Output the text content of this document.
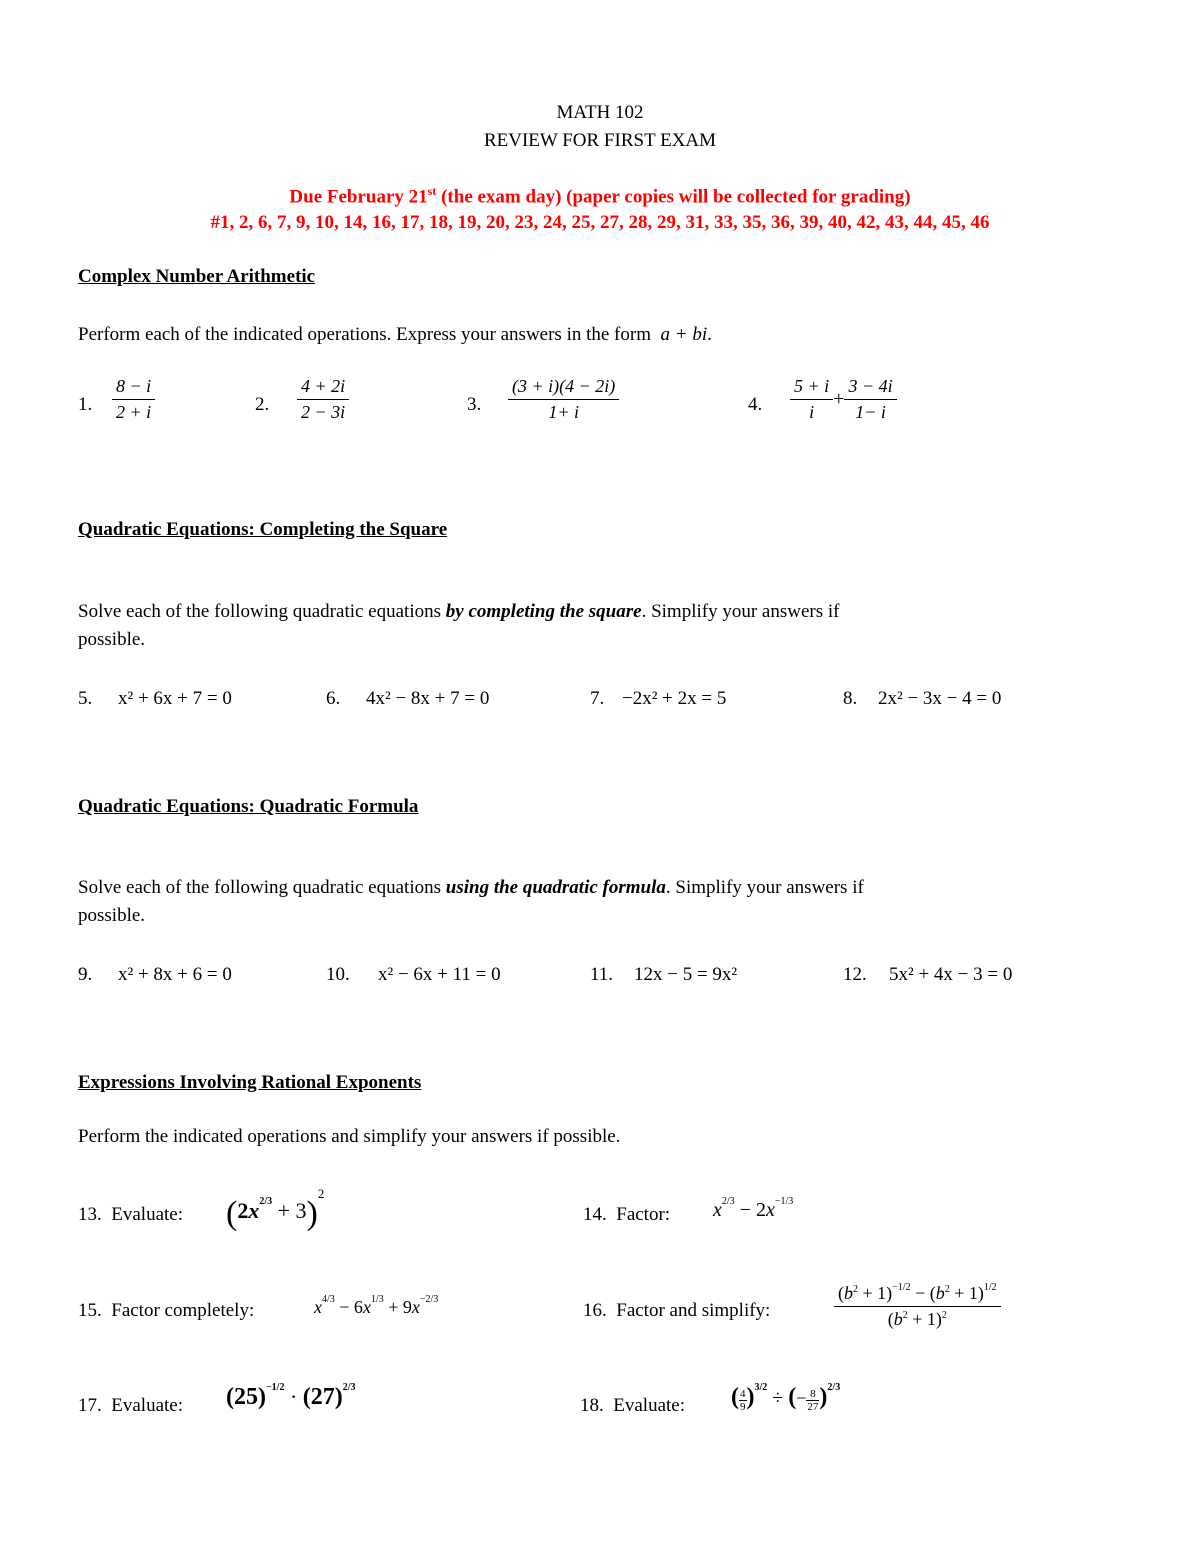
MATH 102
REVIEW FOR FIRST EXAM
Due February 21st (the exam day) (paper copies will be collected for grading)
#1, 2, 6, 7, 9, 10, 14, 16, 17, 18, 19, 20, 23, 24, 25, 27, 28, 29, 31, 33, 35, 36, 39, 40, 42, 43, 44, 45, 46
Complex Number Arithmetic
Perform each of the indicated operations. Express your answers in the form a + bi.
1. $\frac{8 - i}{2 + i}$	2. $\frac{4 + 2i}{2 - 3i}$	3. $\frac{(3 + i)(4 - 2i)}{1+ i}$	4. $\frac{5 + i}{i} + \frac{3 - 4i}{1- i}$
Quadratic Equations: Completing the Square
Solve each of the following quadratic equations by completing the square. Simplify your answers if
possible.
5. x² + 6x + 7 = 0	6. 4x² − 8x + 7 = 0	7. −2x² + 2x = 5	8. 2x² − 3x − 4 = 0
Quadratic Equations: Quadratic Formula
Solve each of the following quadratic equations using the quadratic formula. Simplify your answers if
possible.
9. x² + 8x + 6 = 0	10. x² − 6x + 11 = 0	11. 12x − 5 = 9x²	12. 5x² + 4x − 3 = 0
Expressions Involving Rational Exponents
Perform the indicated operations and simplify your answers if possible.
13. Evaluate: $(2x^{2/3} + 3)^2$
14. Factor: $x^{2/3} - 2x^{-1/3}$
15. Factor completely:	$x^{4/3} - 6x^{1/3} + 9x^{-2/3}$
16. Factor and simplify:	$\frac{(b^2 + 1)^{-1/2} - (b^2 + 1)^{1/2}}{(b^2 + 1)^2}$
17. Evaluate: $(25)^{-1/2} \cdot (27)^{2/3}$
18. Evaluate: ( $\frac{4}{9} )^{3/2}$ ÷ (− $\frac{8}{27} )^{2/3}$
